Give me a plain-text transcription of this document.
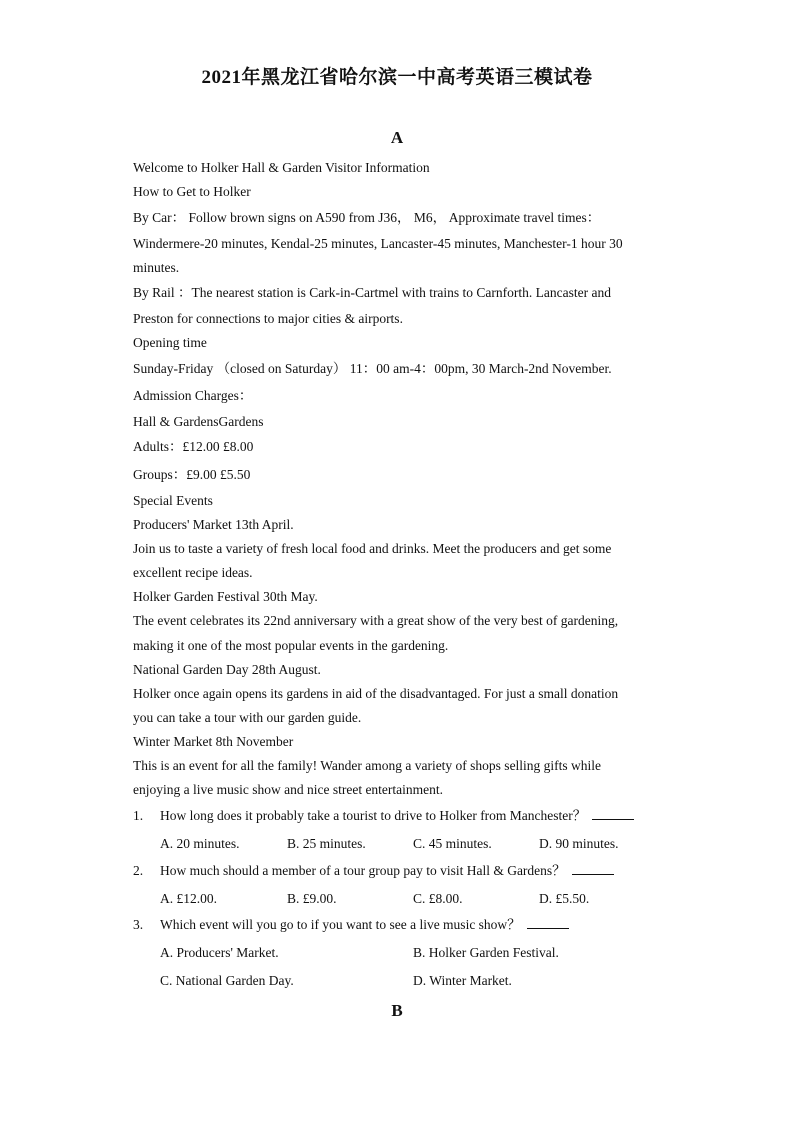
2021年黑龙江省哈尔滨一中高考英语三模试卷
A
Welcome to Holker Hall & Garden Visitor Information
How to Get to Holker
By Car： Follow brown signs on A590 from J36， M6， Approximate travel times：
Windermere-20 minutes, Kendal-25 minutes, Lancaster-45 minutes, Manchester-1 hour 30
minutes.
By Rail ：The nearest station is Cark-in-Cartmel with trains to Carnforth. Lancaster and
Preston for connections to major cities & airports.
Opening time
Sunday-Friday （closed on Saturday） 11：00 am-4：00pm, 30 March-2nd November.
Admission Charges：
Hall & GardensGardens
Adults：£12.00 £8.00
Groups：£9.00 £5.50
Special Events
Producers' Market 13th April.
Join us to taste a variety of fresh local food and drinks. Meet the producers and get some
excellent recipe ideas.
Holker Garden Festival 30th May.
The event celebrates its 22nd anniversary with a great show of the very best of gardening,
making it one of the most popular events in the gardening.
National Garden Day 28th August.
Holker once again opens its gardens in aid of the disadvantaged. For just a small donation
you can take a tour with our garden guide.
Winter Market 8th November
This is an event for all the family! Wander among a variety of shops selling gifts while
enjoying a live music show and nice street entertainment.
1. How long does it probably take a tourist to drive to Holker from Manchester？
A. 20 minutes.	B. 25 minutes.	C. 45 minutes.	D. 90 minutes.
2. How much should a member of a tour group pay to visit Hall & Gardens？
A. £12.00.	B. £9.00.	C. £8.00.	D. £5.50.
3. Which event will you go to if you want to see a live music show？
A. Producers' Market.	B. Holker Garden Festival.
C. National Garden Day.	D. Winter Market.
B
